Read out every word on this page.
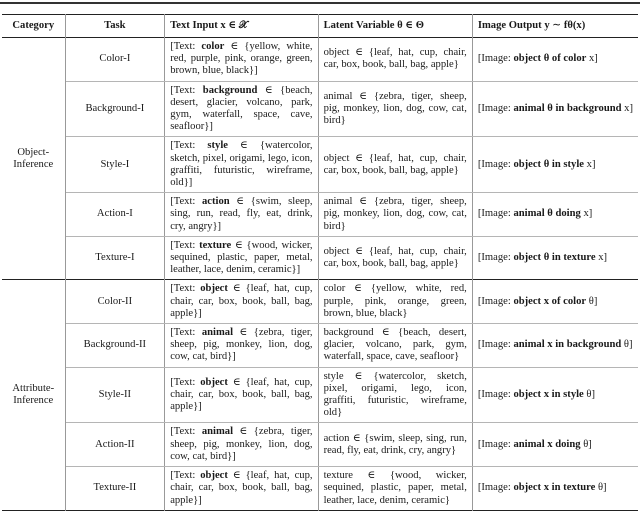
Category	Task	Text Input x ∈ 𝒳	Latent Variable θ ∈ Θ	Image Output y ∼ fθ(x)
Object-Inference	Color-I	[Text: color ∈ {yellow, white, red, purple, pink, orange, green, brown, blue, black}]	object ∈ {leaf, hat, cup, chair, car, box, book, ball, bag, apple}	[Image: object θ of color x]
	Background-I	[Text: background ∈ {beach, desert, glacier, volcano, park, gym, waterfall, space, cave, seafloor}]	animal ∈ {zebra, tiger, sheep, pig, monkey, lion, dog, cow, cat, bird}	[Image: animal θ in background x]
	Style-I	[Text: style ∈ {watercolor, sketch, pixel, origami, lego, icon, graffiti, futuristic, wireframe, old}]	object ∈ {leaf, hat, cup, chair, car, box, book, ball, bag, apple}	[Image: object θ in style x]
	Action-I	[Text: action ∈ {swim, sleep, sing, run, read, fly, eat, drink, cry, angry}]	animal ∈ {zebra, tiger, sheep, pig, monkey, lion, dog, cow, cat, bird}	[Image: animal θ doing x]
	Texture-I	[Text: texture ∈ {wood, wicker, sequined, plastic, paper, metal, leather, lace, denim, ceramic}]	object ∈ {leaf, hat, cup, chair, car, box, book, ball, bag, apple}	[Image: object θ in texture x]
Attribute-Inference	Color-II	[Text: object ∈ {leaf, hat, cup, chair, car, box, book, ball, bag, apple}]	color ∈ {yellow, white, red, purple, pink, orange, green, brown, blue, black}	[Image: object x of color θ]
	Background-II	[Text: animal ∈ {zebra, tiger, sheep, pig, monkey, lion, dog, cow, cat, bird}]	background ∈ {beach, desert, glacier, volcano, park, gym, waterfall, space, cave, seafloor}	[Image: animal x in background θ]
	Style-II	[Text: object ∈ {leaf, hat, cup, chair, car, box, book, ball, bag, apple}]	style ∈ {watercolor, sketch, pixel, origami, lego, icon, graffiti, futuristic, wireframe, old}	[Image: object x in style θ]
	Action-II	[Text: animal ∈ {zebra, tiger, sheep, pig, monkey, lion, dog, cow, cat, bird}]	action ∈ {swim, sleep, sing, run, read, fly, eat, drink, cry, angry}	[Image: animal x doing θ]
	Texture-II	[Text: object ∈ {leaf, hat, cup, chair, car, box, book, ball, bag, apple}]	texture ∈ {wood, wicker, sequined, plastic, paper, metal, leather, lace, denim, ceramic}	[Image: object x in texture θ]
